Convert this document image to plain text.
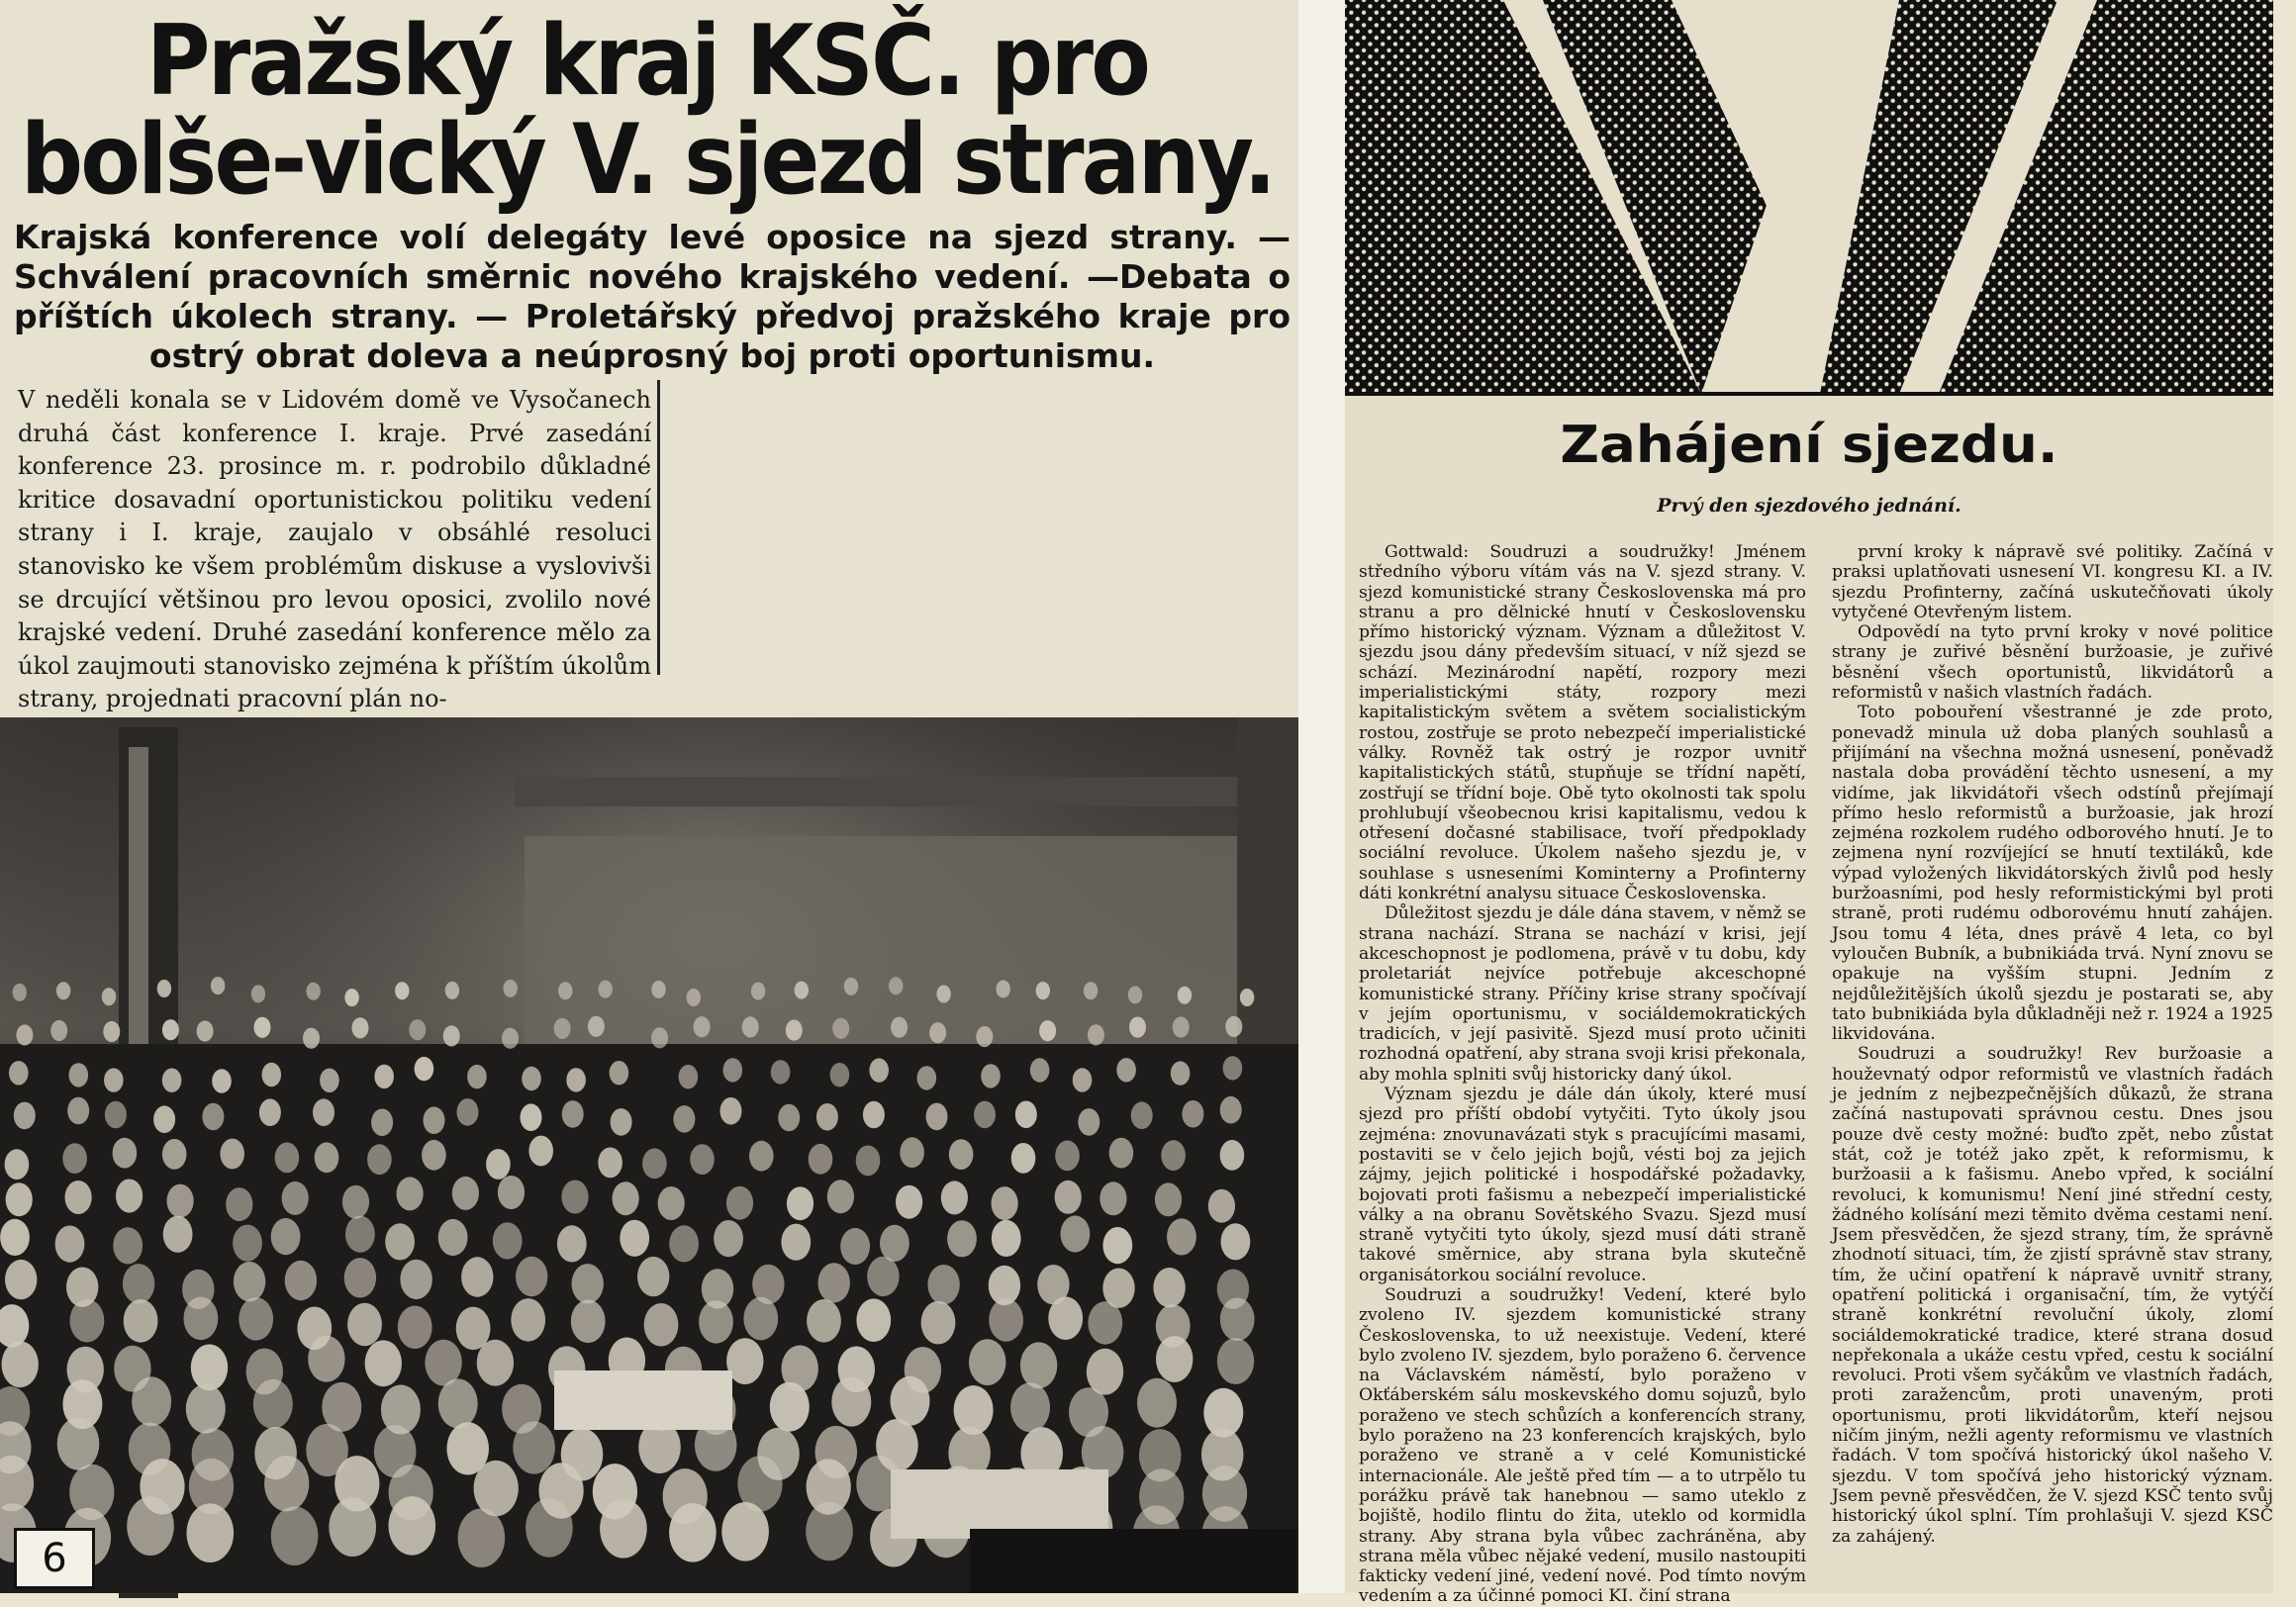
Pražský kraj KSČ. pro bolše-vický V. sjezd strany.
Krajská konference volí delegáty levé oposice na sjezd strany. — Schválení pracovních směrnic nového krajského vedení. —Debata o příštích úkolech strany. — Proletářský předvoj pražského kraje pro ostrý obrat doleva a neúprosný boj proti oportunismu.
V neděli konala se v Lidovém domě ve Vysočanech druhá část konference I. kraje. Prvé zasedání konference 23. prosince m. r. podrobilo důkladné kritice dosavadní oportunistickou politiku vedení strany i I. kraje, zaujalo v obsáhlé resoluci stanovisko ke všem problémům diskuse a vyslovivši se drcující většinou pro levou oposici, zvolilo nové krajské vedení. Druhé zasedání konference mělo za úkol zaujmouti stanovisko zejména k příštím úkolům strany, projednati pracovní plán no-
6
Zahájení sjezdu.
Prvý den sjezdového jednání.

Gottwald: Soudruzi a soudružky! Jménem středního výboru vítám vás na V. sjezd strany. V. sjezd komunistické strany Československa má pro stranu a pro dělnické hnutí v Československu přímo historický význam. Význam a důležitost V. sjezdu jsou dány především situací, v níž sjezd se schází. Mezinárodní napětí, rozpory mezi imperialistickými státy, rozpory mezi kapitalistickým světem a světem socialistickým rostou, zostřuje se proto nebezpečí imperialistické války. Rovněž tak ostrý je rozpor uvnitř kapitalistických států, stupňuje se třídní napětí, zostřují se třídní boje. Obě tyto okolnosti tak spolu prohlubují všeobecnou krisi kapitalismu, vedou k otřesení dočasné stabilisace, tvoří předpoklady sociální revoluce. Úkolem našeho sjezdu je, v souhlase s usneseními Kominterny a Profinterny dáti konkrétní analysu situace Československa.

Důležitost sjezdu je dále dána stavem, v němž se strana nachází. Strana se nachází v krisi, její akceschopnost je podlomena, právě v tu dobu, kdy proletariát nejvíce potřebuje akceschopné komunistické strany. Příčiny krise strany spočívají v jejím oportunismu, v sociáldemokratických tradicích, v její pasivitě. Sjezd musí proto učiniti rozhodná opatření, aby strana svoji krisi překonala, aby mohla splniti svůj historicky daný úkol.

Význam sjezdu je dále dán úkoly, které musí sjezd pro příští období vytyčiti. Tyto úkoly jsou zejména: znovunavázati styk s pracujícími masami, postaviti se v čelo jejich bojů, vésti boj za jejich zájmy, jejich politické i hospodářské požadavky, bojovati proti fašismu a nebezpečí imperialistické války a na obranu Sovětského Svazu. Sjezd musí straně vytyčiti tyto úkoly, sjezd musí dáti straně takové směrnice, aby strana byla skutečně organisátorkou sociální revoluce.

Soudruzi a soudružky! Vedení, které bylo zvoleno IV. sjezdem komunistické strany Československa, to už neexistuje. Vedení, které bylo zvoleno IV. sjezdem, bylo poraženo 6. července na Václavském náměstí, bylo poraženo v Okťáberském sálu moskevského domu sojuzů, bylo poraženo ve stech schůzích a konferencích strany, bylo poraženo na 23 konferencích krajských, bylo poraženo ve straně a v celé Komunistické internacionále. Ale ještě před tím — a to utrpělo tu porážku právě tak hanebnou — samo uteklo z bojiště, hodilo flintu do žita, uteklo od kormidla strany. Aby strana byla vůbec zachráněna, aby strana měla vůbec nějaké vedení, musilo nastoupiti fakticky vedení jiné, vedení nové. Pod tímto novým vedením a za účinné pomoci KI. činí strana

první kroky k nápravě své politiky. Začíná v praksi uplatňovati usnesení VI. kongresu KI. a IV. sjezdu Profinterny, začíná uskutečňovati úkoly vytyčené Otevřeným listem.

Odpovědí na tyto první kroky v nové politice strany je zuřivé běsnění buržoasie, je zuřivé běsnění všech oportunistů, likvidátorů a reformistů v našich vlastních řadách.

Toto pobouření všestranné je zde proto, ponevadž minula už doba planých souhlasů a přijímání na všechna možná usnesení, poněvadž nastala doba provádění těchto usnesení, a my vidíme, jak likvidátoři všech odstínů přejímají přímo heslo reformistů a buržoasie, jak hrozí zejména rozkolem rudého odborového hnutí. Je to zejmena nyní rozvíjející se hnutí textiláků, kde výpad vyložených likvidátorských živlů pod hesly buržoasními, pod hesly reformistickými byl proti straně, proti rudému odborovému hnutí zahájen. Jsou tomu 4 léta, dnes právě 4 leta, co byl vyloučen Bubník, a bubnikiáda trvá. Nyní znovu se opakuje na vyšším stupni. Jedním z nejdůležitějších úkolů sjezdu je postarati se, aby tato bubnikiáda byla důkladněji než r. 1924 a 1925 likvidována.

Soudruzi a soudružky! Rev buržoasie a houževnatý odpor reformistů ve vlastních řadách je jedním z nejbezpečnějších důkazů, že strana začíná nastupovati správnou cestu. Dnes jsou pouze dvě cesty možné: buďto zpět, nebo zůstat stát, což je totéž jako zpět, k reformismu, k buržoasii a k fašismu. Anebo vpřed, k sociální revoluci, k komunismu! Není jiné střední cesty, žádného kolísání mezi těmito dvěma cestami není. Jsem přesvědčen, že sjezd strany, tím, že správně zhodnotí situaci, tím, že zjistí správně stav strany, tím, že učiní opatření k nápravě uvnitř strany, opatření politická i organisační, tím, že vytýčí straně konkrétní revoluční úkoly, zlomí sociáldemokratické tradice, které strana dosud nepřekonala a ukáže cestu vpřed, cestu k sociální revoluci. Proti všem syčákům ve vlastních řadách, proti zaražencům, proti unaveným, proti oportunismu, proti likvidátorům, kteří nejsou ničím jiným, nežli agenty reformismu ve vlastních řadách. V tom spočívá historický úkol našeho V. sjezdu. V tom spočívá jeho historický význam. Jsem pevně přesvědčen, že V. sjezd KSČ tento svůj historický úkol splní. Tím prohlašuji V. sjezd KSČ za zahájený.
